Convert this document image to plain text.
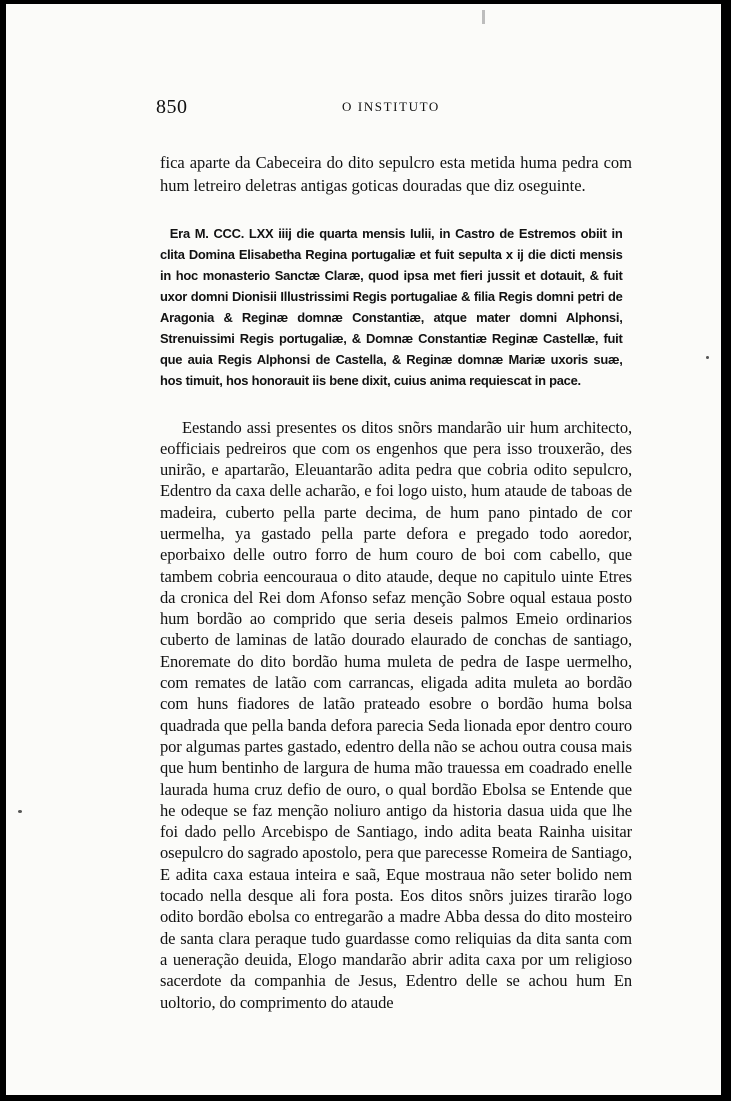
850	O INSTITUTO

fica aparte da Cabeceira do dito sepulcro esta metida huma pedra com hum letreiro deletras antigas goticas douradas que diz oseguinte.

Era M. CCC. LXX iiij die quarta mensis Iulii, in Castro de Estremos obiit in clita Domina Elisabetha Regina portugaliæ et fuit sepulta x ij die dicti mensis in hoc monasterio Sanctæ Claræ, quod ipsa met fieri jussit et dotauit, & fuit uxor domni Dionisii Illustrissimi Regis portugaliae & filia Regis domni petri de Aragonia & Reginæ domnæ Constantiæ, atque mater domni Alphonsi, Strenuissimi Regis portugaliæ, & Domnæ Constantiæ Reginæ Castellæ, fuit que auia Regis Alphonsi de Castella, & Reginæ domnæ Mariæ uxoris suæ, hos timuit, hos honorauit iis bene dixit, cuius anima requiescat in pace.

Eestando assi presentes os ditos snõrs mandarão uir hum architecto, eofficiais pedreiros que com os engenhos que pera isso trouxerão, des unirão, e apartarão, Eleuantarão adita pedra que cobria odito sepulcro, Edentro da caxa delle acharão, e foi logo uisto, hum ataude de taboas de madeira, cuberto pella parte decima, de hum pano pintado de cor uermelha, ya gastado pella parte defora e pregado todo aoredor, eporbaixo delle outro forro de hum couro de boi com cabello, que tambem cobria eencouraua o dito ataude, deque no capitulo uinte Etres da cronica del Rei dom Afonso sefaz menção Sobre oqual estaua posto hum bordão ao comprido que seria deseis palmos Emeio ordinarios cuberto de laminas de latão dourado elaurado de conchas de santiago, Enoremate do dito bordão huma muleta de pedra de Iaspe uermelho, com remates de latão com carrancas, eligada adita muleta ao bordão com huns fiadores de latão prateado esobre o bordão huma bolsa quadrada que pella banda defora parecia Seda lionada epor dentro couro por algumas partes gastado, edentro della não se achou outra cousa mais que hum bentinho de largura de huma mão trauessa em coadrado enelle laurada huma cruz defio de ouro, o qual bordão Ebolsa se Entende que he odeque se faz menção noliuro antigo da historia dasua uida que lhe foi dado pello Arcebispo de Santiago, indo adita beata Rainha uisitar osepulcro do sagrado apostolo, pera que parecesse Romeira de Santiago, E adita caxa estaua inteira e saã, Eque mostraua não seter bolido nem tocado nella desque ali fora posta. Eos ditos snõrs juizes tirarão logo odito bordão ebolsa co entregarão a madre Abba dessa do dito mosteiro de santa clara peraque tudo guardasse como reliquias da dita santa com a ueneração deuida, Elogo mandarão abrir adita caxa por um religioso sacerdote da companhia de Jesus, Edentro delle se achou hum En uoltorio, do comprimento do ataude
